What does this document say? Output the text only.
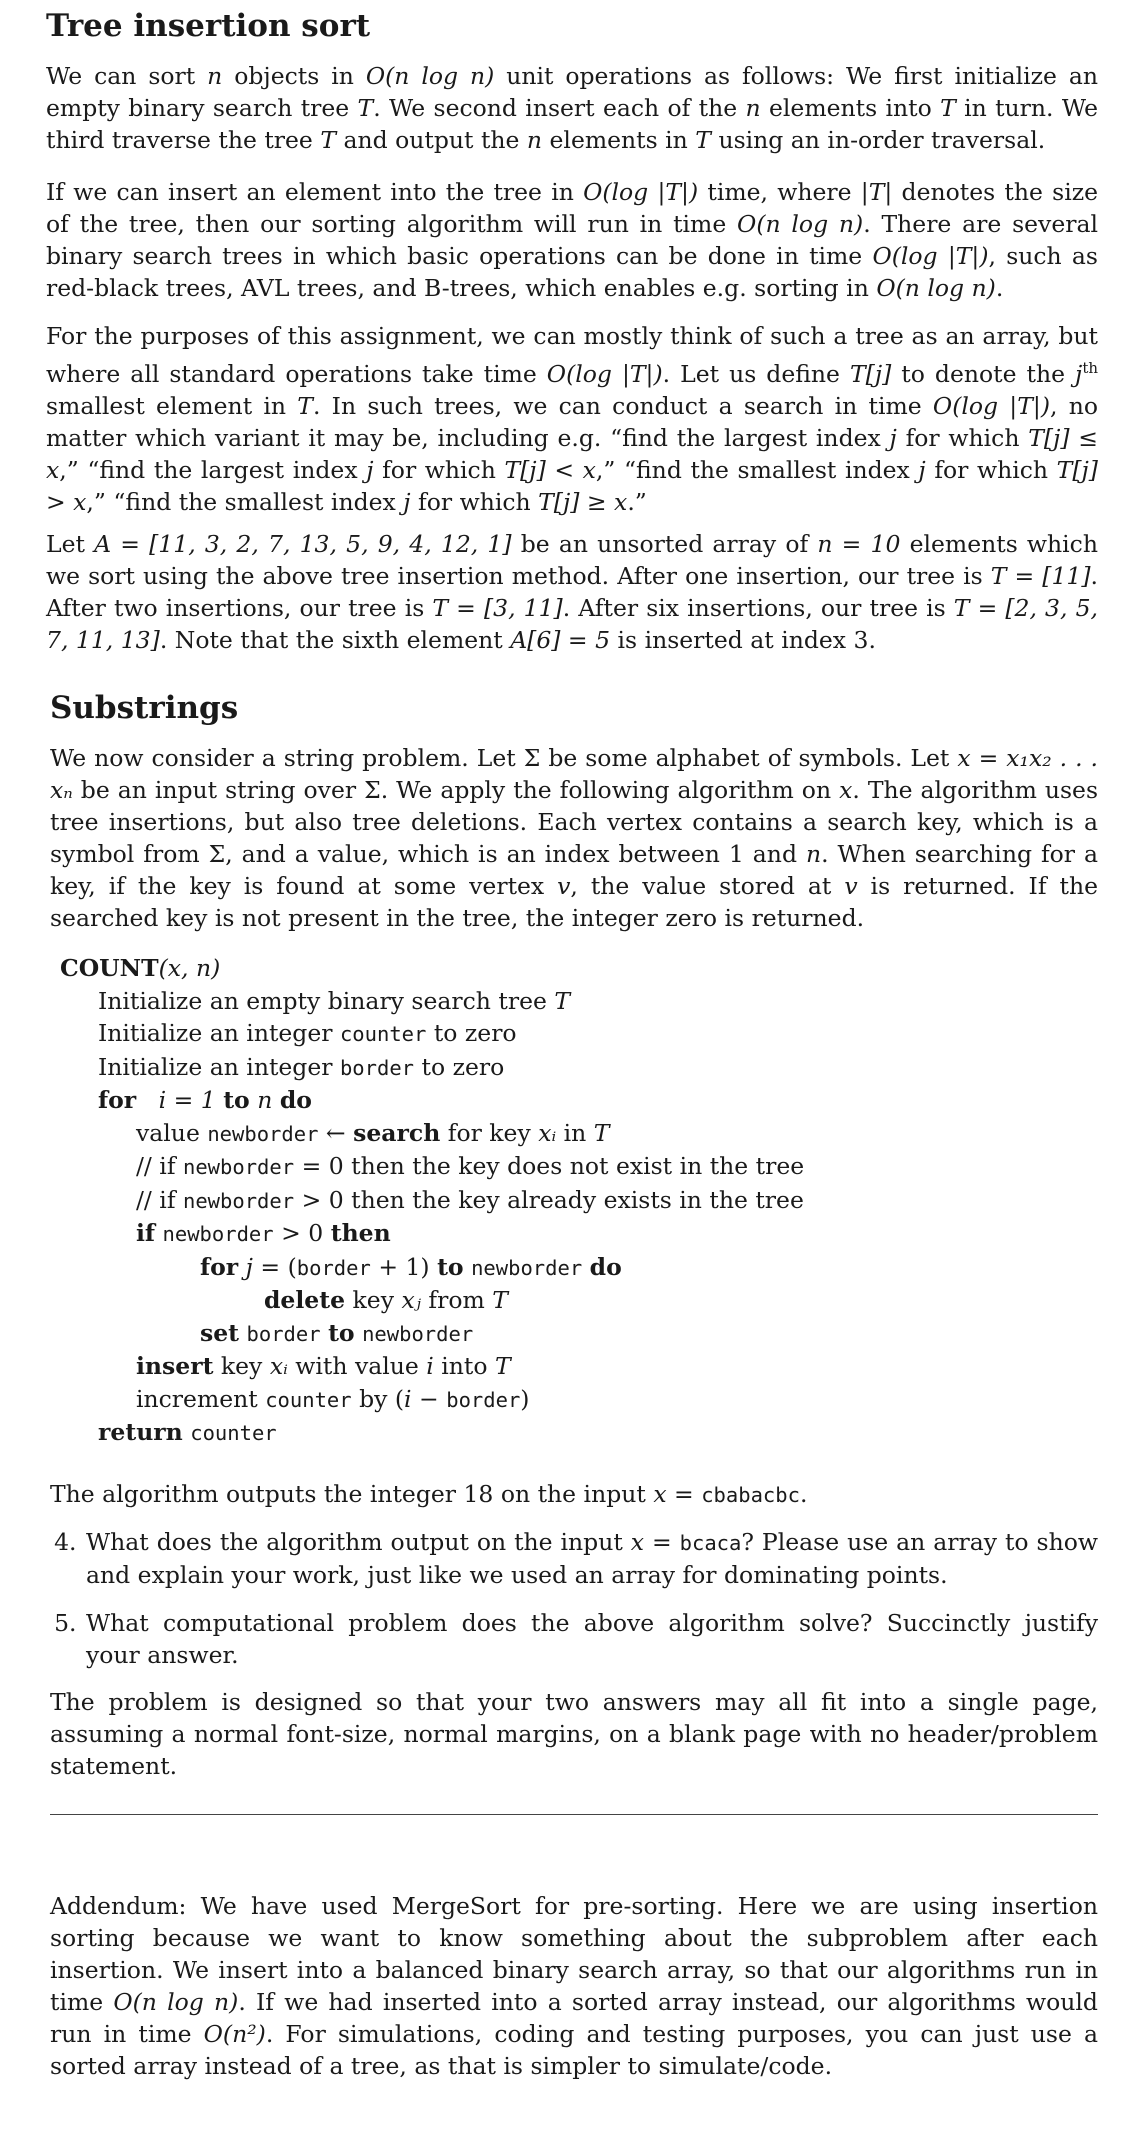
Tree insertion sort

We can sort n objects in O(n log n) unit operations as follows: We first initialize an empty binary search tree T. We second insert each of the n elements into T in turn. We third traverse the tree T and output the n elements in T using an in-order traversal.

If we can insert an element into the tree in O(log |T|) time, where |T| denotes the size of the tree, then our sorting algorithm will run in time O(n log n). There are several binary search trees in which basic operations can be done in time O(log |T|), such as red-black trees, AVL trees, and B-trees, which enables e.g. sorting in O(n log n).

For the purposes of this assignment, we can mostly think of such a tree as an array, but where all standard operations take time O(log |T|). Let us define T[j] to denote the $j^{th}$ smallest element in T. In such trees, we can conduct a search in time O(log |T|), no matter which variant it may be, including e.g. “find the largest index j for which T[j] ≤ x,” “find the largest index j for which T[j] < x,” “find the smallest index j for which T[j] > x,” “find the smallest index j for which T[j] ≥ x.”

Let A = [11, 3, 2, 7, 13, 5, 9, 4, 12, 1] be an unsorted array of n = 10 elements which we sort using the above tree insertion method. After one insertion, our tree is T = [11]. After two insertions, our tree is T = [3, 11]. After six insertions, our tree is T = [2, 3, 5, 7, 11, 13]. Note that the sixth element A[6] = 5 is inserted at index 3.

Substrings

We now consider a string problem. Let Σ be some alphabet of symbols. Let x = x₁x₂ . . . xₙ be an input string over Σ. We apply the following algorithm on x. The algorithm uses tree insertions, but also tree deletions. Each vertex contains a search key, which is a symbol from Σ, and a value, which is an index between 1 and n. When searching for a key, if the key is found at some vertex v, the value stored at v is returned. If the searched key is not present in the tree, the integer zero is returned.

COUNT(x, n)
Initialize an empty binary search tree T
Initialize an integer counter to zero
Initialize an integer border to zero
for i = 1 to n do
value newborder ← search for key xᵢ in T
// if newborder = 0 then the key does not exist in the tree
// if newborder > 0 then the key already exists in the tree
if newborder > 0 then
for j = (border + 1) to newborder do
delete key xⱼ from T
set border to newborder
insert key xᵢ with value i into T
increment counter by (i − border)
return counter

The algorithm outputs the integer 18 on the input x = cbabacbc.

4. What does the algorithm output on the input x = bcaca? Please use an array to show and explain your work, just like we used an array for dominating points.
5. What computational problem does the above algorithm solve? Succinctly justify your answer.

The problem is designed so that your two answers may all fit into a single page, assuming a normal font-size, normal margins, on a blank page with no header/problem statement.

Addendum: We have used MergeSort for pre-sorting. Here we are using insertion sorting because we want to know something about the subproblem after each insertion. We insert into a balanced binary search array, so that our algorithms run in time O(n log n). If we had inserted into a sorted array instead, our algorithms would run in time O(n²). For simulations, coding and testing purposes, you can just use a sorted array instead of a tree, as that is simpler to simulate/code.
